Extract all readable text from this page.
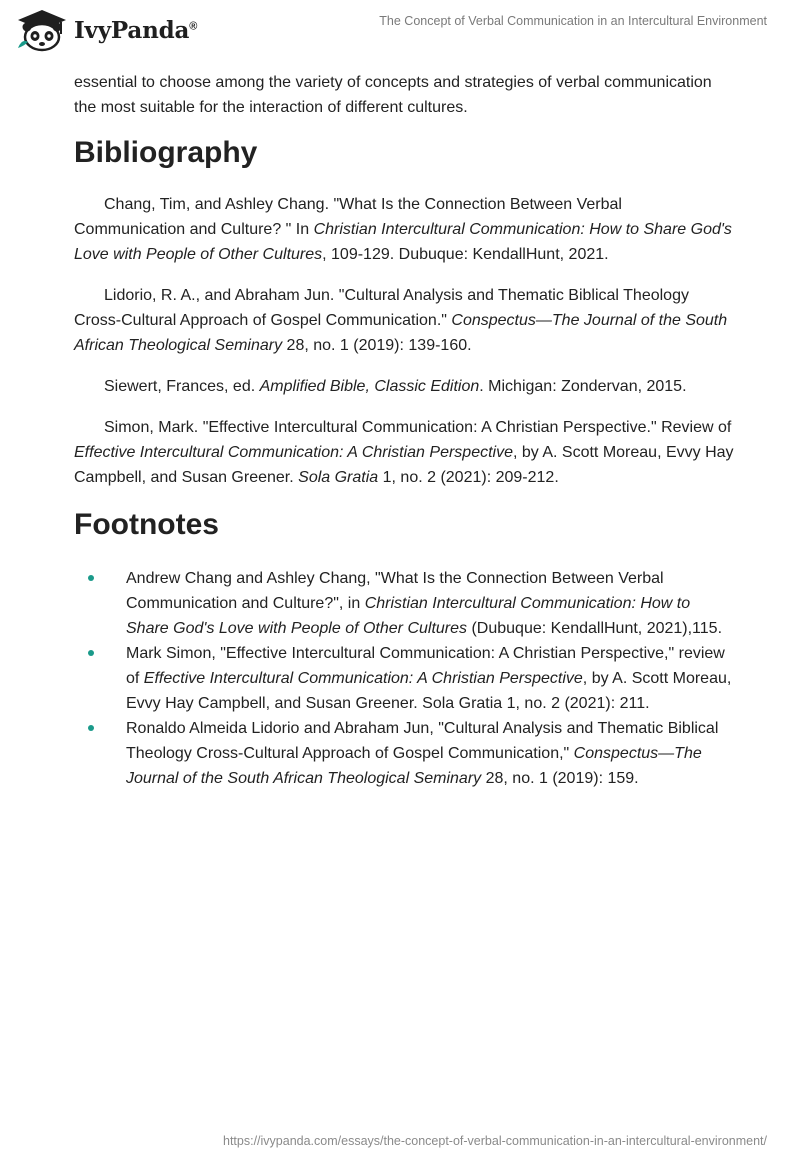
IvyPanda®	The Concept of Verbal Communication in an Intercultural Environment

essential to choose among the variety of concepts and strategies of verbal communication the most suitable for the interaction of different cultures.

Bibliography

Chang, Tim, and Ashley Chang. "What Is the Connection Between Verbal Communication and Culture? " In Christian Intercultural Communication: How to Share God's Love with People of Other Cultures, 109-129. Dubuque: KendallHunt, 2021.

Lidorio, R. A., and Abraham Jun. "Cultural Analysis and Thematic Biblical Theology Cross-Cultural Approach of Gospel Communication." Conspectus—The Journal of the South African Theological Seminary 28, no. 1 (2019): 139-160.

Siewert, Frances, ed. Amplified Bible, Classic Edition. Michigan: Zondervan, 2015.

Simon, Mark. "Effective Intercultural Communication: A Christian Perspective." Review of Effective Intercultural Communication: A Christian Perspective, by A. Scott Moreau, Evvy Hay Campbell, and Susan Greener. Sola Gratia 1, no. 2 (2021): 209-212.

Footnotes
Andrew Chang and Ashley Chang, "What Is the Connection Between Verbal Communication and Culture?", in Christian Intercultural Communication: How to Share God's Love with People of Other Cultures (Dubuque: KendallHunt, 2021),115.
Mark Simon, "Effective Intercultural Communication: A Christian Perspective," review of Effective Intercultural Communication: A Christian Perspective, by A. Scott Moreau, Evvy Hay Campbell, and Susan Greener. Sola Gratia 1, no. 2 (2021): 211.
Ronaldo Almeida Lidorio and Abraham Jun, "Cultural Analysis and Thematic Biblical Theology Cross-Cultural Approach of Gospel Communication," Conspectus—The Journal of the South African Theological Seminary 28, no. 1 (2019): 159.
https://ivypanda.com/essays/the-concept-of-verbal-communication-in-an-intercultural-environment/
